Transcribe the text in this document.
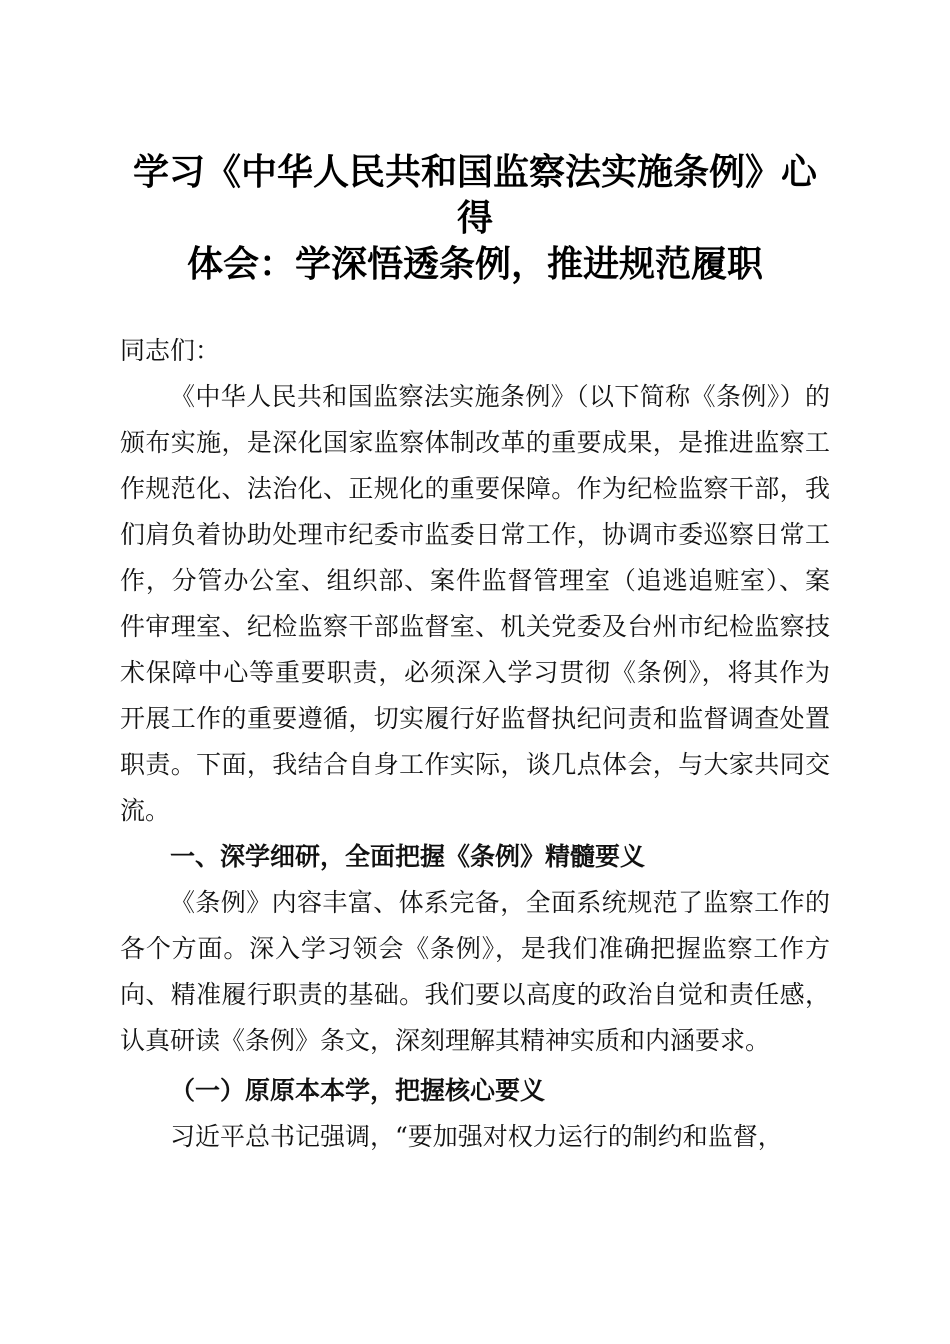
学习《中华人民共和国监察法实施条例》心得
体会：学深悟透条例，推进规范履职

同志们：

《中华人民共和国监察法实施条例》（以下简称《条例》）的颁布实施，是深化国家监察体制改革的重要成果，是推进监察工作规范化、法治化、正规化的重要保障。作为纪检监察干部，我们肩负着协助处理市纪委市监委日常工作，协调市委巡察日常工作，分管办公室、组织部、案件监督管理室（追逃追赃室）、案件审理室、纪检监察干部监督室、机关党委及台州市纪检监察技术保障中心等重要职责，必须深入学习贯彻《条例》，将其作为开展工作的重要遵循，切实履行好监督执纪问责和监督调查处置职责。下面，我结合自身工作实际，谈几点体会，与大家共同交流。

一、深学细研，全面把握《条例》精髓要义

《条例》内容丰富、体系完备，全面系统规范了监察工作的各个方面。深入学习领会《条例》，是我们准确把握监察工作方向、精准履行职责的基础。我们要以高度的政治自觉和责任感，认真研读《条例》条文，深刻理解其精神实质和内涵要求。

（一）原原本本学，把握核心要义

习近平总书记强调，“要加强对权力运行的制约和监督，
